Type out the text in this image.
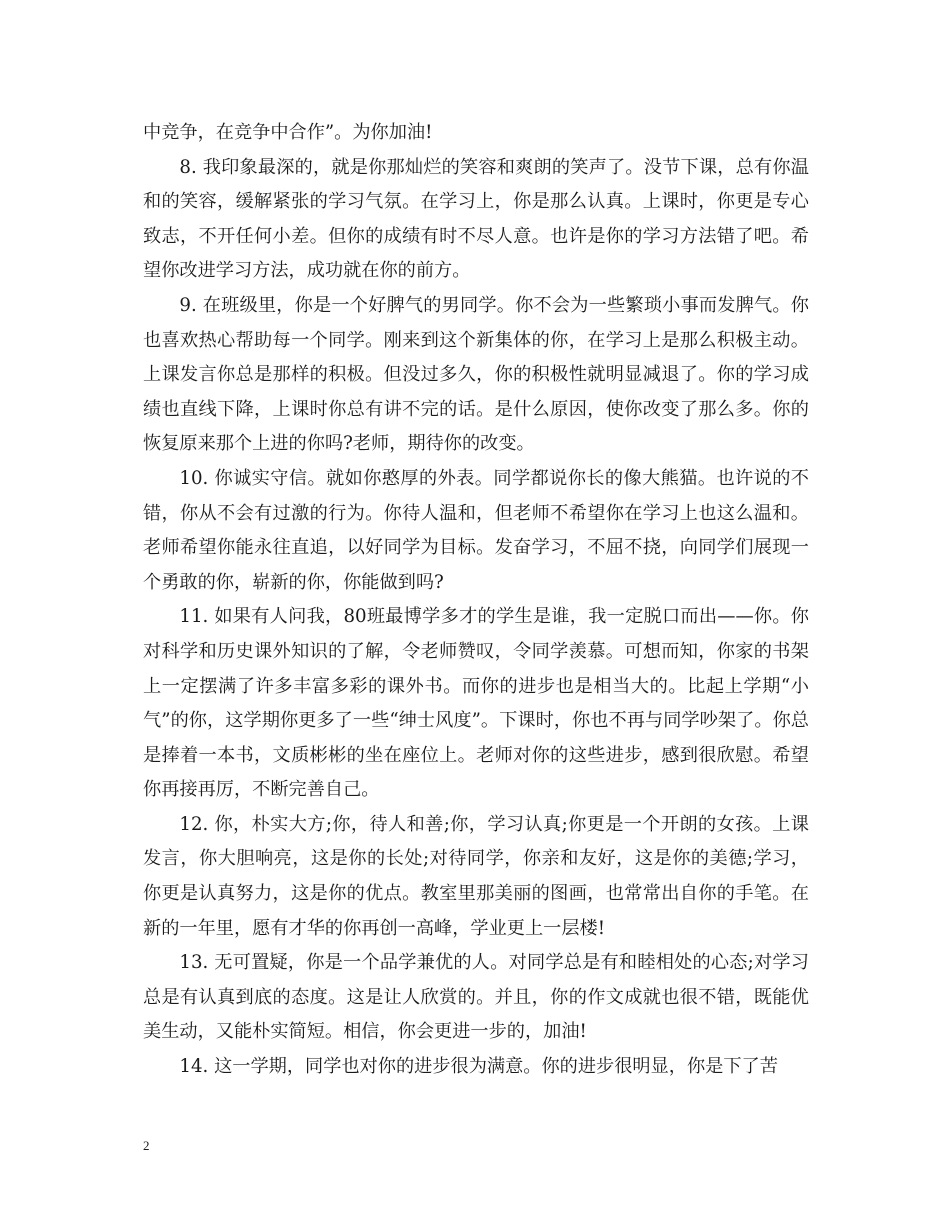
中竞争，在竞争中合作”。为你加油!

8. 我印象最深的，就是你那灿烂的笑容和爽朗的笑声了。没节下课，总有你温和的笑容，缓解紧张的学习气氛。在学习上，你是那么认真。上课时，你更是专心致志，不开任何小差。但你的成绩有时不尽人意。也许是你的学习方法错了吧。希望你改进学习方法，成功就在你的前方。

9. 在班级里，你是一个好脾气的男同学。你不会为一些繁琐小事而发脾气。你也喜欢热心帮助每一个同学。刚来到这个新集体的你，在学习上是那么积极主动。上课发言你总是那样的积极。但没过多久，你的积极性就明显减退了。你的学习成绩也直线下降，上课时你总有讲不完的话。是什么原因，使你改变了那么多。你的恢复原来那个上进的你吗?老师，期待你的改变。

10. 你诚实守信。就如你憨厚的外表。同学都说你长的像大熊猫。也许说的不错，你从不会有过激的行为。你待人温和，但老师不希望你在学习上也这么温和。老师希望你能永往直追，以好同学为目标。发奋学习，不屈不挠，向同学们展现一个勇敢的你，崭新的你，你能做到吗?

11. 如果有人问我，80班最博学多才的学生是谁，我一定脱口而出——你。你对科学和历史课外知识的了解，令老师赞叹，令同学羡慕。可想而知，你家的书架上一定摆满了许多丰富多彩的课外书。而你的进步也是相当大的。比起上学期“小气”的你，这学期你更多了一些“绅士风度”。下课时，你也不再与同学吵架了。你总是捧着一本书，文质彬彬的坐在座位上。老师对你的这些进步，感到很欣慰。希望你再接再厉，不断完善自己。

12. 你，朴实大方;你，待人和善;你，学习认真;你更是一个开朗的女孩。上课发言，你大胆响亮，这是你的长处;对待同学，你亲和友好，这是你的美德;学习，你更是认真努力，这是你的优点。教室里那美丽的图画，也常常出自你的手笔。在新的一年里，愿有才华的你再创一高峰，学业更上一层楼!

13. 无可置疑，你是一个品学兼优的人。对同学总是有和睦相处的心态;对学习总是有认真到底的态度。这是让人欣赏的。并且，你的作文成就也很不错，既能优美生动，又能朴实简短。相信，你会更进一步的，加油!

14. 这一学期，同学也对你的进步很为满意。你的进步很明显，你是下了苦

2
